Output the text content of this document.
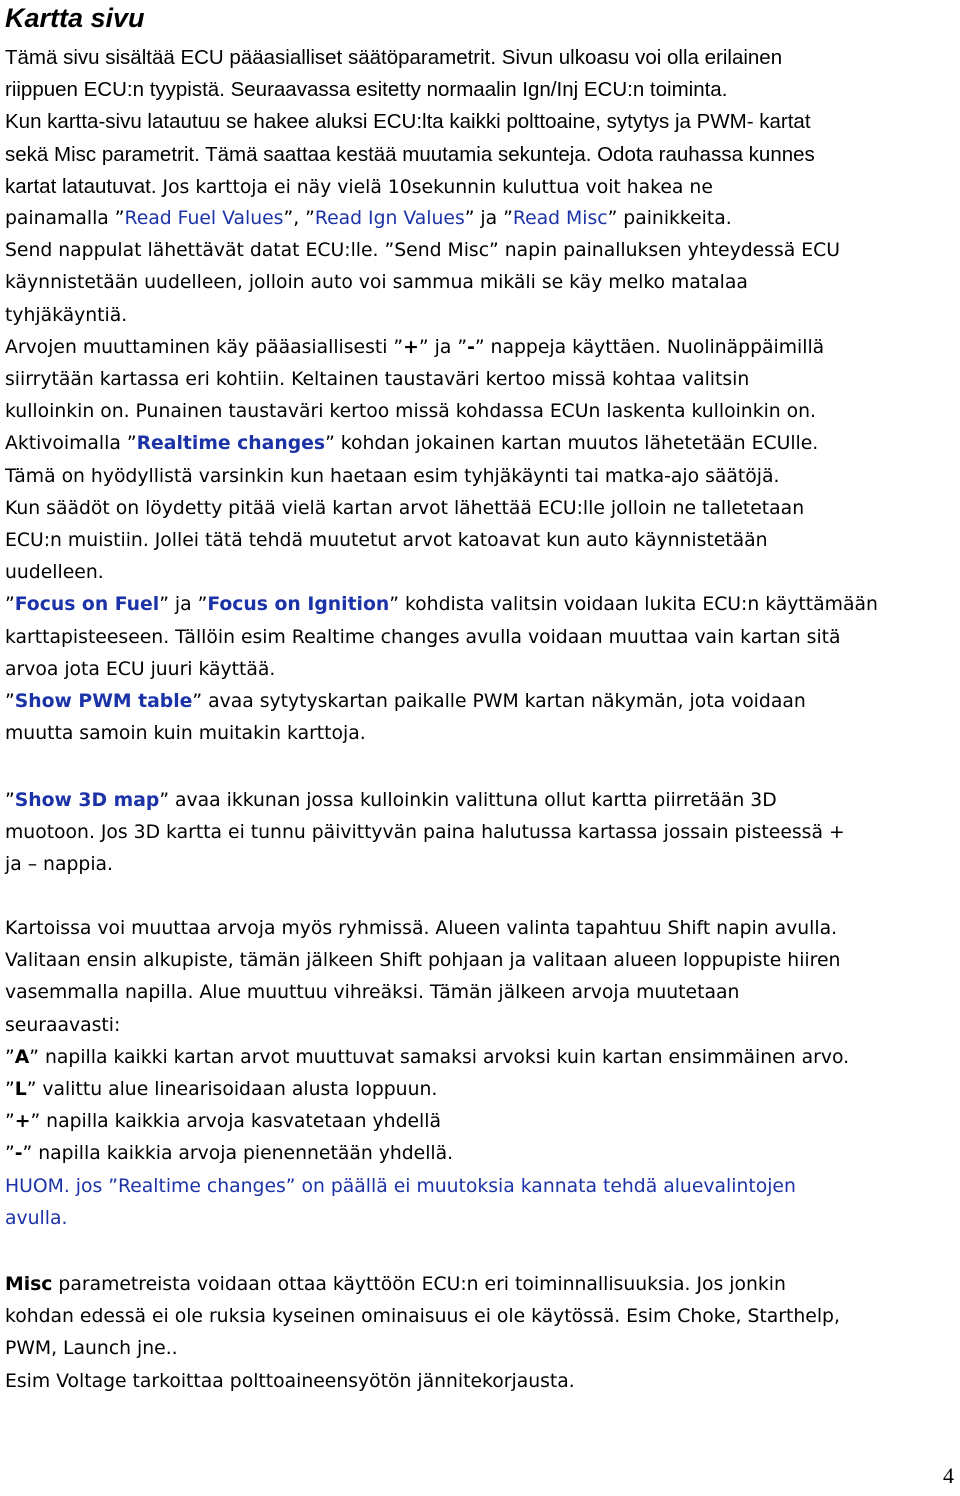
Kartta sivu
Tämä sivu sisältää ECU pääasialliset säätöparametrit. Sivun ulkoasu voi olla erilainen
riippuen ECU:n tyypistä. Seuraavassa esitetty normaalin Ign/Inj ECU:n toiminta.
Kun kartta-sivu latautuu se hakee aluksi ECU:lta kaikki polttoaine, sytytys ja PWM- kartat
sekä Misc parametrit. Tämä saattaa kestää muutamia sekunteja. Odota rauhassa kunnes
kartat latautuvat. Jos karttoja ei näy vielä 10sekunnin kuluttua voit hakea ne
painamalla ”Read Fuel Values”, ”Read Ign Values” ja ”Read Misc” painikkeita.
Send nappulat lähettävät datat ECU:lle. ”Send Misc” napin painalluksen yhteydessä ECU
käynnistetään uudelleen, jolloin auto voi sammua mikäli se käy melko matalaa
tyhjäkäyntiä.
Arvojen muuttaminen käy pääasiallisesti ”+” ja ”-” nappeja käyttäen. Nuolinäppäimillä
siirrytään kartassa eri kohtiin. Keltainen taustaväri kertoo missä kohtaa valitsin
kulloinkin on. Punainen taustaväri kertoo missä kohdassa ECUn laskenta kulloinkin on.
Aktivoimalla ”Realtime changes” kohdan jokainen kartan muutos lähetetään ECUlle.
Tämä on hyödyllistä varsinkin kun haetaan esim tyhjäkäynti tai matka-ajo säätöjä.
Kun säädöt on löydetty pitää vielä kartan arvot lähettää ECU:lle jolloin ne talletetaan
ECU:n muistiin. Jollei tätä tehdä muutetut arvot katoavat kun auto käynnistetään
uudelleen.
”Focus on Fuel” ja ”Focus on Ignition” kohdista valitsin voidaan lukita ECU:n käyttämään
karttapisteeseen. Tällöin esim Realtime changes avulla voidaan muuttaa vain kartan sitä
arvoa jota ECU juuri käyttää.
”Show PWM table” avaa sytytyskartan paikalle PWM kartan näkymän, jota voidaan
muutta samoin kuin muitakin karttoja.
”Show 3D map” avaa ikkunan jossa kulloinkin valittuna ollut kartta piirretään 3D
muotoon. Jos 3D kartta ei tunnu päivittyvän paina halutussa kartassa jossain pisteessä +
ja – nappia.
Kartoissa voi muuttaa arvoja myös ryhmissä. Alueen valinta tapahtuu Shift napin avulla.
Valitaan ensin alkupiste, tämän jälkeen Shift pohjaan ja valitaan alueen loppupiste hiiren
vasemmalla napilla. Alue muuttuu vihreäksi. Tämän jälkeen arvoja muutetaan
seuraavasti:
”A” napilla kaikki kartan arvot muuttuvat samaksi arvoksi kuin kartan ensimmäinen arvo.
”L” valittu alue linearisoidaan alusta loppuun.
”+” napilla kaikkia arvoja kasvatetaan yhdellä
”-” napilla kaikkia arvoja pienennetään yhdellä.
HUOM. jos ”Realtime changes” on päällä ei muutoksia kannata tehdä aluevalintojen
avulla.
Misc parametreista voidaan ottaa käyttöön ECU:n eri toiminnallisuuksia. Jos jonkin
kohdan edessä ei ole ruksia kyseinen ominaisuus ei ole käytössä. Esim Choke, Starthelp,
PWM, Launch jne..
Esim Voltage tarkoittaa polttoaineensyötön jännitekorjausta.
4
